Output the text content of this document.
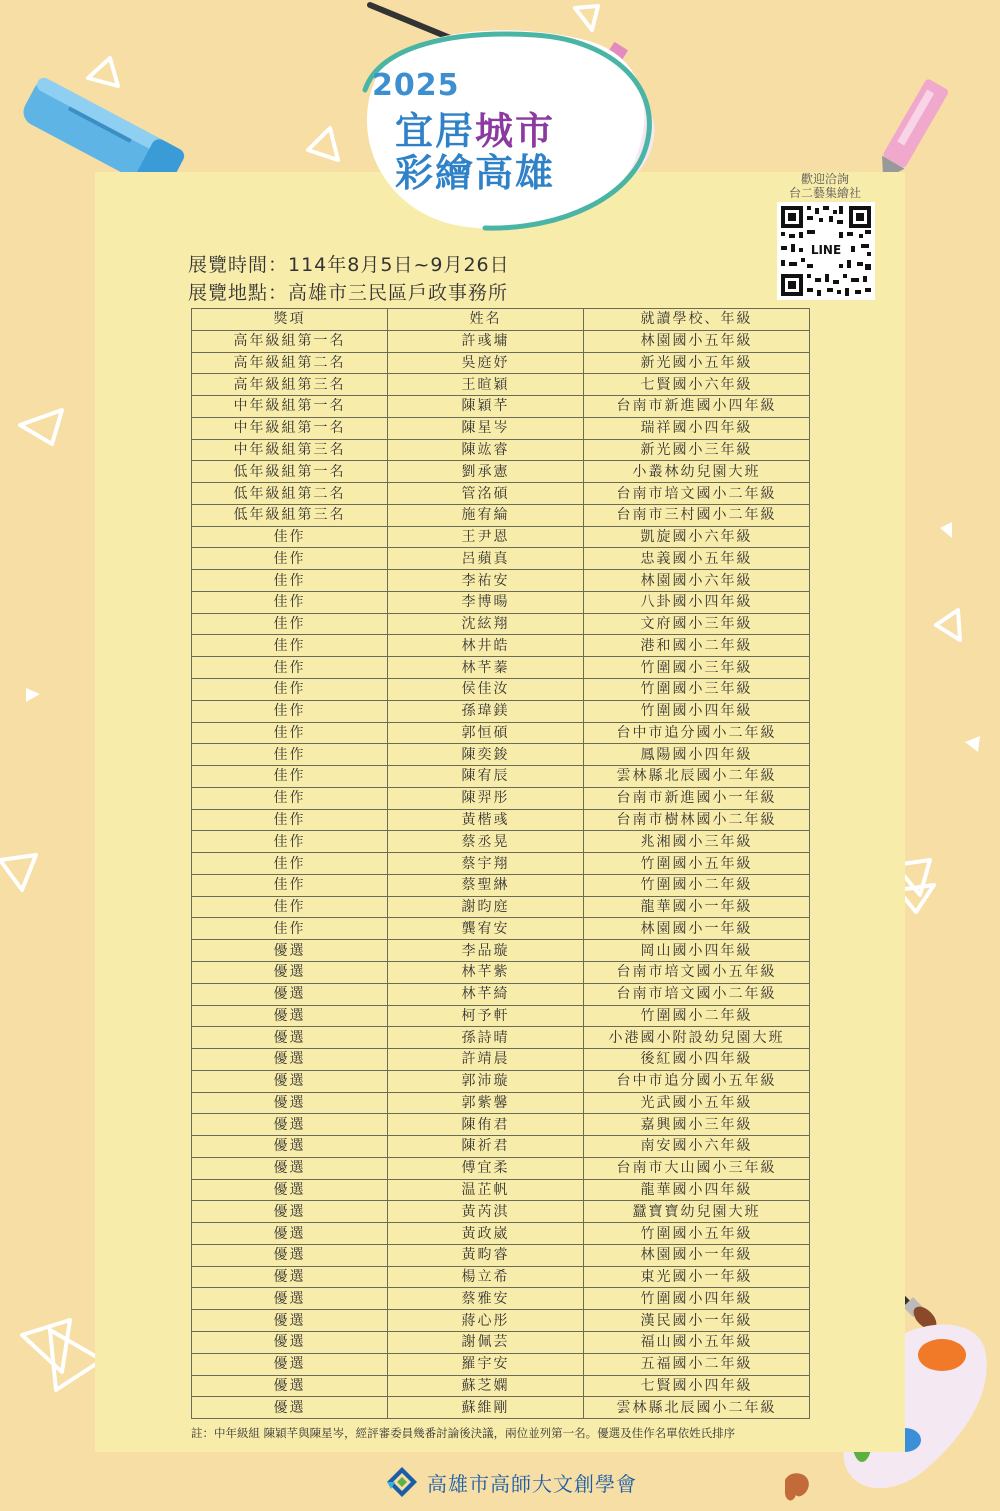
2025
宜居城市
彩繪高雄	歡迎洽詢
台二藝集繪社
LINE
展覽時間：114年8月5日~9月26日
展覽地點：高雄市三民區戶政事務所
獎項	姓名	就讀學校、年級
高年級組第一名	許彧墉	林園國小五年級
高年級組第二名	吳庭妤	新光國小五年級
高年級組第三名	王暄穎	七賢國小六年級
中年級組第一名	陳穎芊	台南市新進國小四年級
中年級組第一名	陳星岑	瑞祥國小四年級
中年級組第三名	陳竑睿	新光國小三年級
低年級組第一名	劉承憲	小叢林幼兒園大班
低年級組第二名	管洺碩	台南市培文國小二年級
低年級組第三名	施宥綸	台南市三村國小二年級
佳作	王尹恩	凱旋國小六年級
佳作	呂蘋真	忠義國小五年級
佳作	李祐安	林園國小六年級
佳作	李博暘	八卦國小四年級
佳作	沈絃翔	文府國小三年級
佳作	林井皓	港和國小二年級
佳作	林芊蓁	竹圍國小三年級
佳作	侯佳汝	竹圍國小三年級
佳作	孫瑋鎂	竹圍國小四年級
佳作	郭恒碩	台中市追分國小二年級
佳作	陳奕鋑	鳳陽國小四年級
佳作	陳宥辰	雲林縣北辰國小二年級
佳作	陳羿彤	台南市新進國小一年級
佳作	黃楷彧	台南市樹林國小二年級
佳作	蔡丞晃	兆湘國小三年級
佳作	蔡宇翔	竹圍國小五年級
佳作	蔡聖綝	竹圍國小二年級
佳作	謝昀庭	龍華國小一年級
佳作	龔宥安	林園國小一年級
優選	李品璇	岡山國小四年級
優選	林芊紫	台南市培文國小五年級
優選	林芊綺	台南市培文國小二年級
優選	柯予軒	竹圍國小二年級
優選	孫詩晴	小港國小附設幼兒園大班
優選	許靖晨	後紅國小四年級
優選	郭沛璇	台中市追分國小五年級
優選	郭紫馨	光武國小五年級
優選	陳侑君	嘉興國小三年級
優選	陳祈君	南安國小六年級
優選	傅宜柔	台南市大山國小三年級
優選	温芷帆	龍華國小四年級
優選	黃芮淇	蠶寶寶幼兒園大班
優選	黃政崴	竹圍國小五年級
優選	黃畇睿	林園國小一年級
優選	楊立希	東光國小一年級
優選	蔡雅安	竹圍國小四年級
優選	蔣心彤	漢民國小一年級
優選	謝佩芸	福山國小五年級
優選	羅宇安	五福國小二年級
優選	蘇芝嫻	七賢國小四年級
優選	蘇維剛	雲林縣北辰國小二年級
註：中年級組 陳穎芊與陳星岑，經評審委員幾番討論後決議，兩位並列第一名。優選及佳作名單依姓氏排序
高雄市高師大文創學會
